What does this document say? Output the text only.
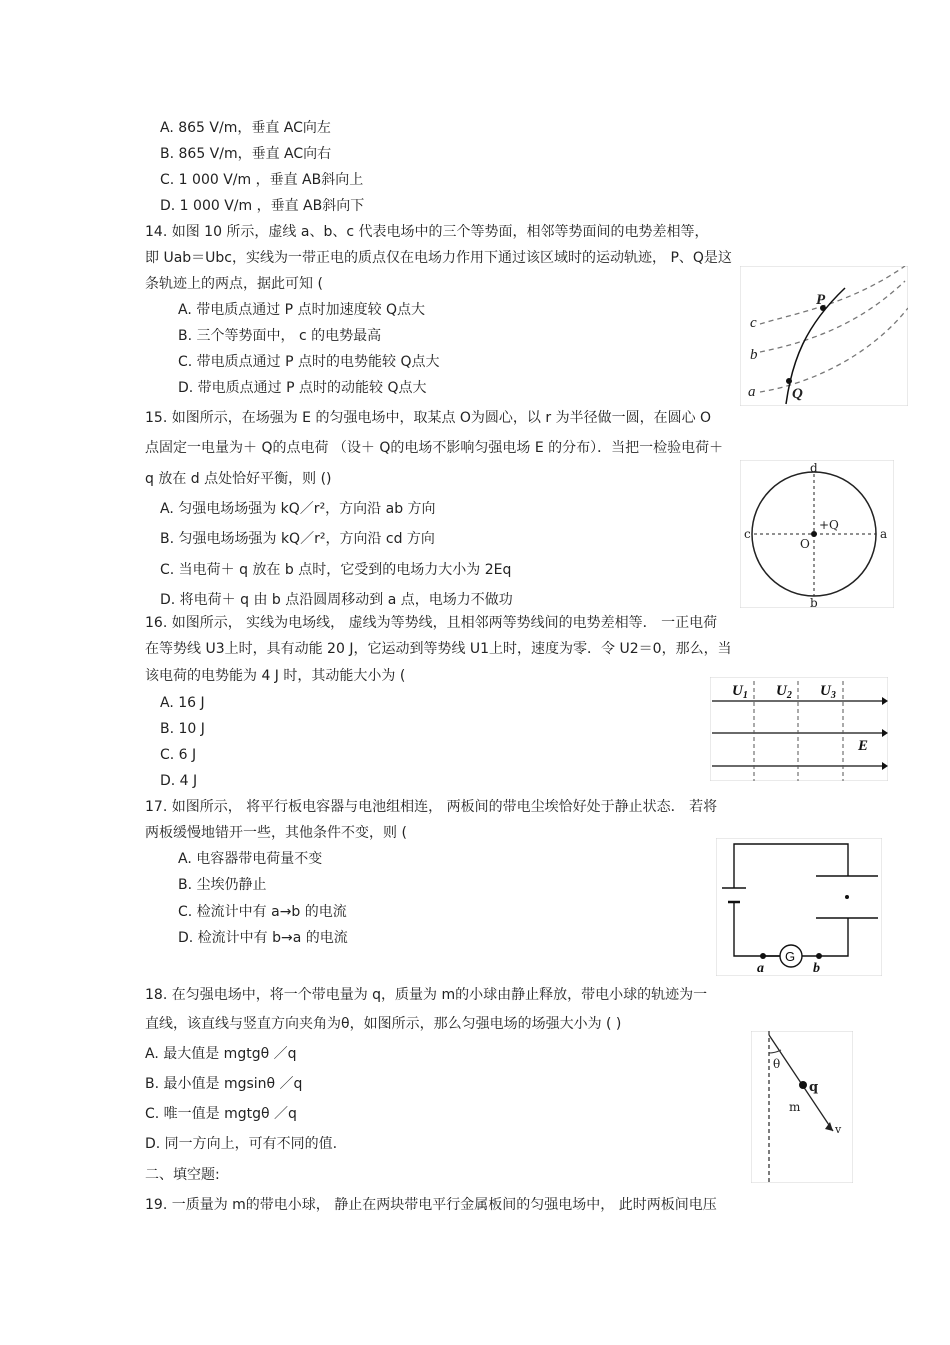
A. 865 V/m，垂直 AC向左
B. 865 V/m，垂直 AC向右
C. 1 000 V/m ，垂直 AB斜向上
D. 1 000 V/m ，垂直 AB斜向下
14. 如图 10 所示，虚线 a、b、c 代表电场中的三个等势面，相邻等势面间的电势差相等，
即 Uab＝Ubc，实线为一带正电的质点仅在电场力作用下通过该区域时的运动轨迹， P、Q是这
条轨迹上的两点，据此可知 (
A. 带电质点通过 P 点时加速度较 Q点大
B. 三个等势面中， c 的电势最高
C. 带电质点通过 P 点时的电势能较 Q点大
D. 带电质点通过 P 点时的动能较 Q点大
c
b
a
P
Q
15. 如图所示，在场强为 E 的匀强电场中，取某点 O为圆心，以 r 为半径做一圆，在圆心 O
点固定一电量为＋ Q的点电荷 （设＋ Q的电场不影响匀强电场 E 的分布）．当把一检验电荷＋
q 放在 d 点处恰好平衡，则 ()
A. 匀强电场场强为 kQ／r²，方向沿 ab 方向
B. 匀强电场场强为 kQ／r²，方向沿 cd 方向
C. 当电荷＋ q 放在 b 点时，它受到的电场力大小为 2Eq
D. 将电荷＋ q 由 b 点沿圆周移动到 a 点，电场力不做功
d
c	a
b
O
+Q
16. 如图所示， 实线为电场线， 虚线为等势线，且相邻两等势线间的电势差相等． 一正电荷
在等势线 U3上时，具有动能 20 J，它运动到等势线 U1上时，速度为零．令 U2＝0，那么，当
该电荷的电势能为 4 J 时，其动能大小为 (
A. 16 J
B. 10 J
C. 6 J
D. 4 J
$U_1$ $U_2$ $U_3$
E
17. 如图所示， 将平行板电容器与电池组相连， 两板间的带电尘埃恰好处于静止状态． 若将
两板缓慢地错开一些，其他条件不变，则 (
A. 电容器带电荷量不变
B. 尘埃仍静止
C. 检流计中有 a→b 的电流
D. 检流计中有 b→a 的电流
G
a	b
18. 在匀强电场中，将一个带电量为 q，质量为 m的小球由静止释放，带电小球的轨迹为一
直线，该直线与竖直方向夹角为θ，如图所示，那么匀强电场的场强大小为 ( )
A. 最大值是 mgtgθ ／q
B. 最小值是 mgsinθ ／q
C. 唯一值是 mgtgθ ／q
D. 同一方向上，可有不同的值.
θ
q
m
v
二、填空题:
19. 一质量为 m的带电小球， 静止在两块带电平行金属板间的匀强电场中， 此时两板间电压
